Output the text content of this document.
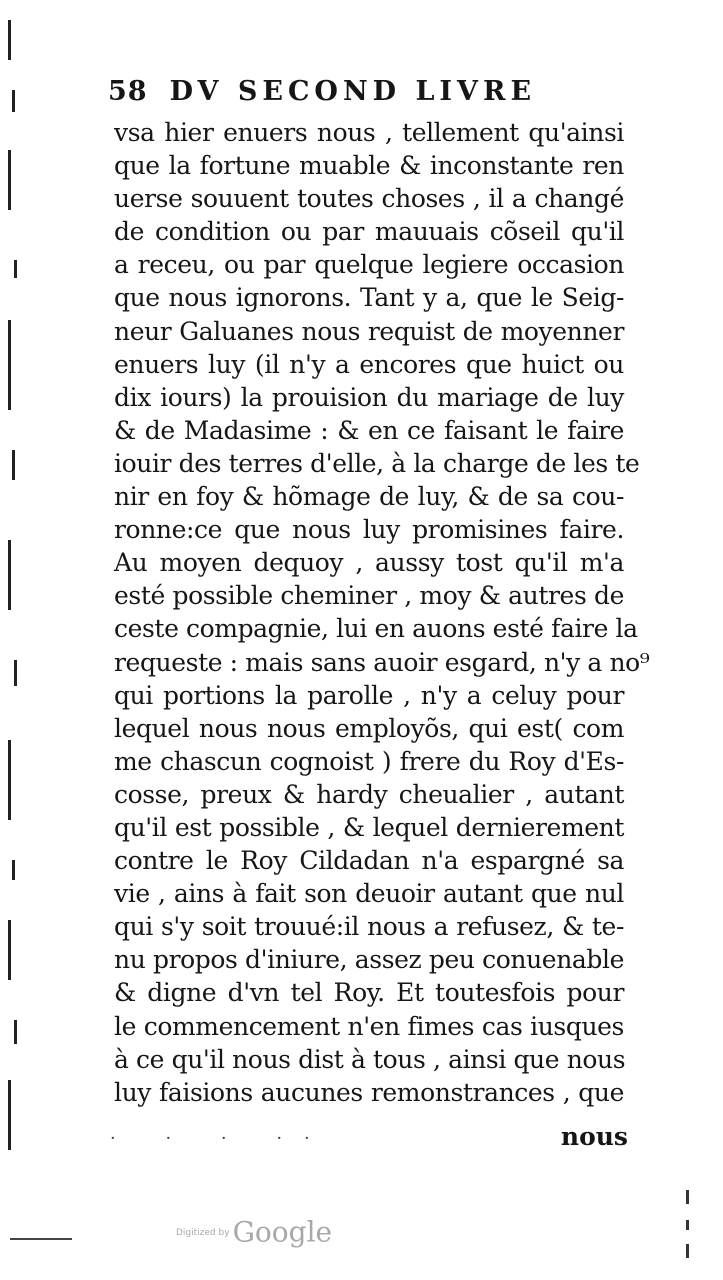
58 DV SECOND LIVRE
vsa hier enuers nous , tellement qu'ainsi
que la fortune muable & inconstante ren
uerse souuent toutes choses , il a changé
de condition ou par mauuais cõseil qu'il
a receu, ou par quelque legiere occasion
que nous ignorons. Tant y a, que le Seig-
neur Galuanes nous requist de moyenner
enuers luy (il n'y a encores que huict ou
dix iours) la prouision du mariage de luy
& de Madasime : & en ce faisant le faire
iouir des terres d'elle, à la charge de les te
nir en foy & hõmage de luy, & de sa cou-
ronne:ce que nous luy promisines faire.
Au moyen dequoy , aussy tost qu'il m'a
esté possible cheminer , moy & autres de
ceste compagnie, lui en auons esté faire la
requeste : mais sans auoir esgard, n'y a no⁹
qui portions la parolle , n'y a celuy pour
lequel nous nous employõs, qui est( com
me chascun cognoist ) frere du Roy d'Es-
cosse, preux & hardy cheualier , autant
qu'il est possible , & lequel dernierement
contre le Roy Cildadan n'a espargné sa
vie , ains à fait son deuoir autant que nul
qui s'y soit trouué:il nous a refusez, & te-
nu propos d'iniure, assez peu conuenable
& digne d'vn tel Roy. Et toutesfois pour
le commencement n'en fimes cas iusques
à ce qu'il nous dist à tous , ainsi que nous
luy faisions aucunes remonstrances , que
· · · ··	nous
Digitized by Google
